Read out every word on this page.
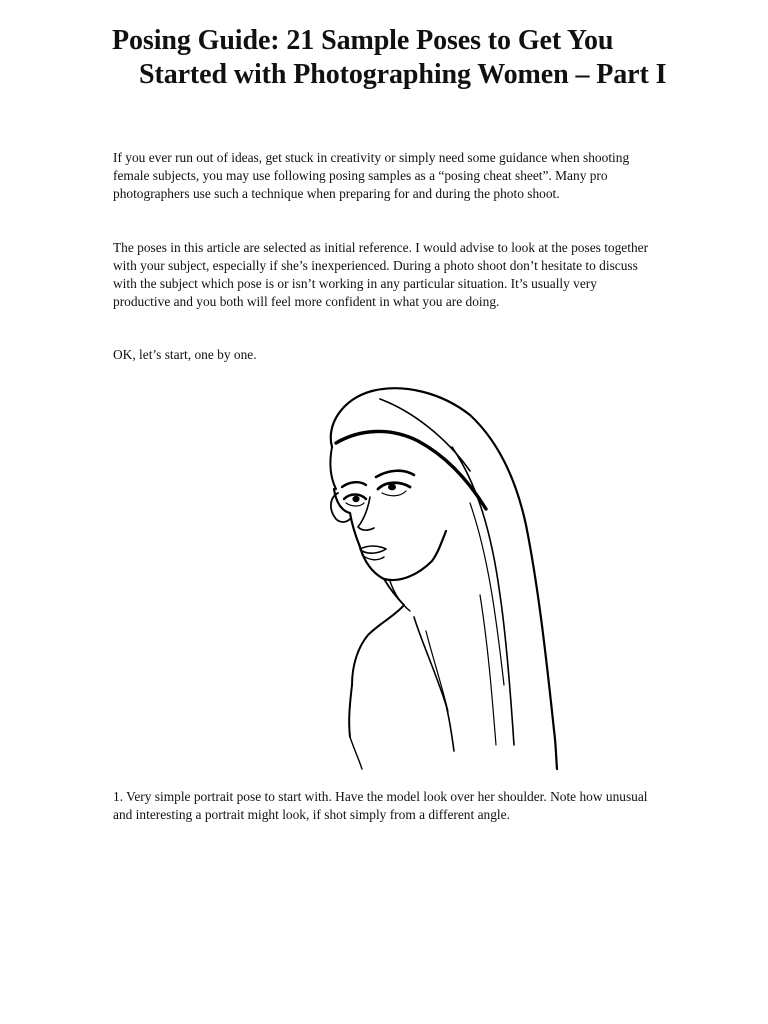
Posing Guide: 21 Sample Poses to Get You Started with Photographing Women – Part I

If you ever run out of ideas, get stuck in creativity or simply need some guidance when shooting female subjects, you may use following posing samples as a “posing cheat sheet”. Many pro photographers use such a technique when preparing for and during the photo shoot.

The poses in this article are selected as initial reference. I would advise to look at the poses together with your subject, especially if she’s inexperienced. During a photo shoot don’t hesitate to discuss with the subject which pose is or isn’t working in any particular situation. It’s usually very productive and you both will feel more confident in what you are doing.

OK, let’s start, one by one.

1. Very simple portrait pose to start with. Have the model look over her shoulder. Note how unusual and interesting a portrait might look, if shot simply from a different angle.
